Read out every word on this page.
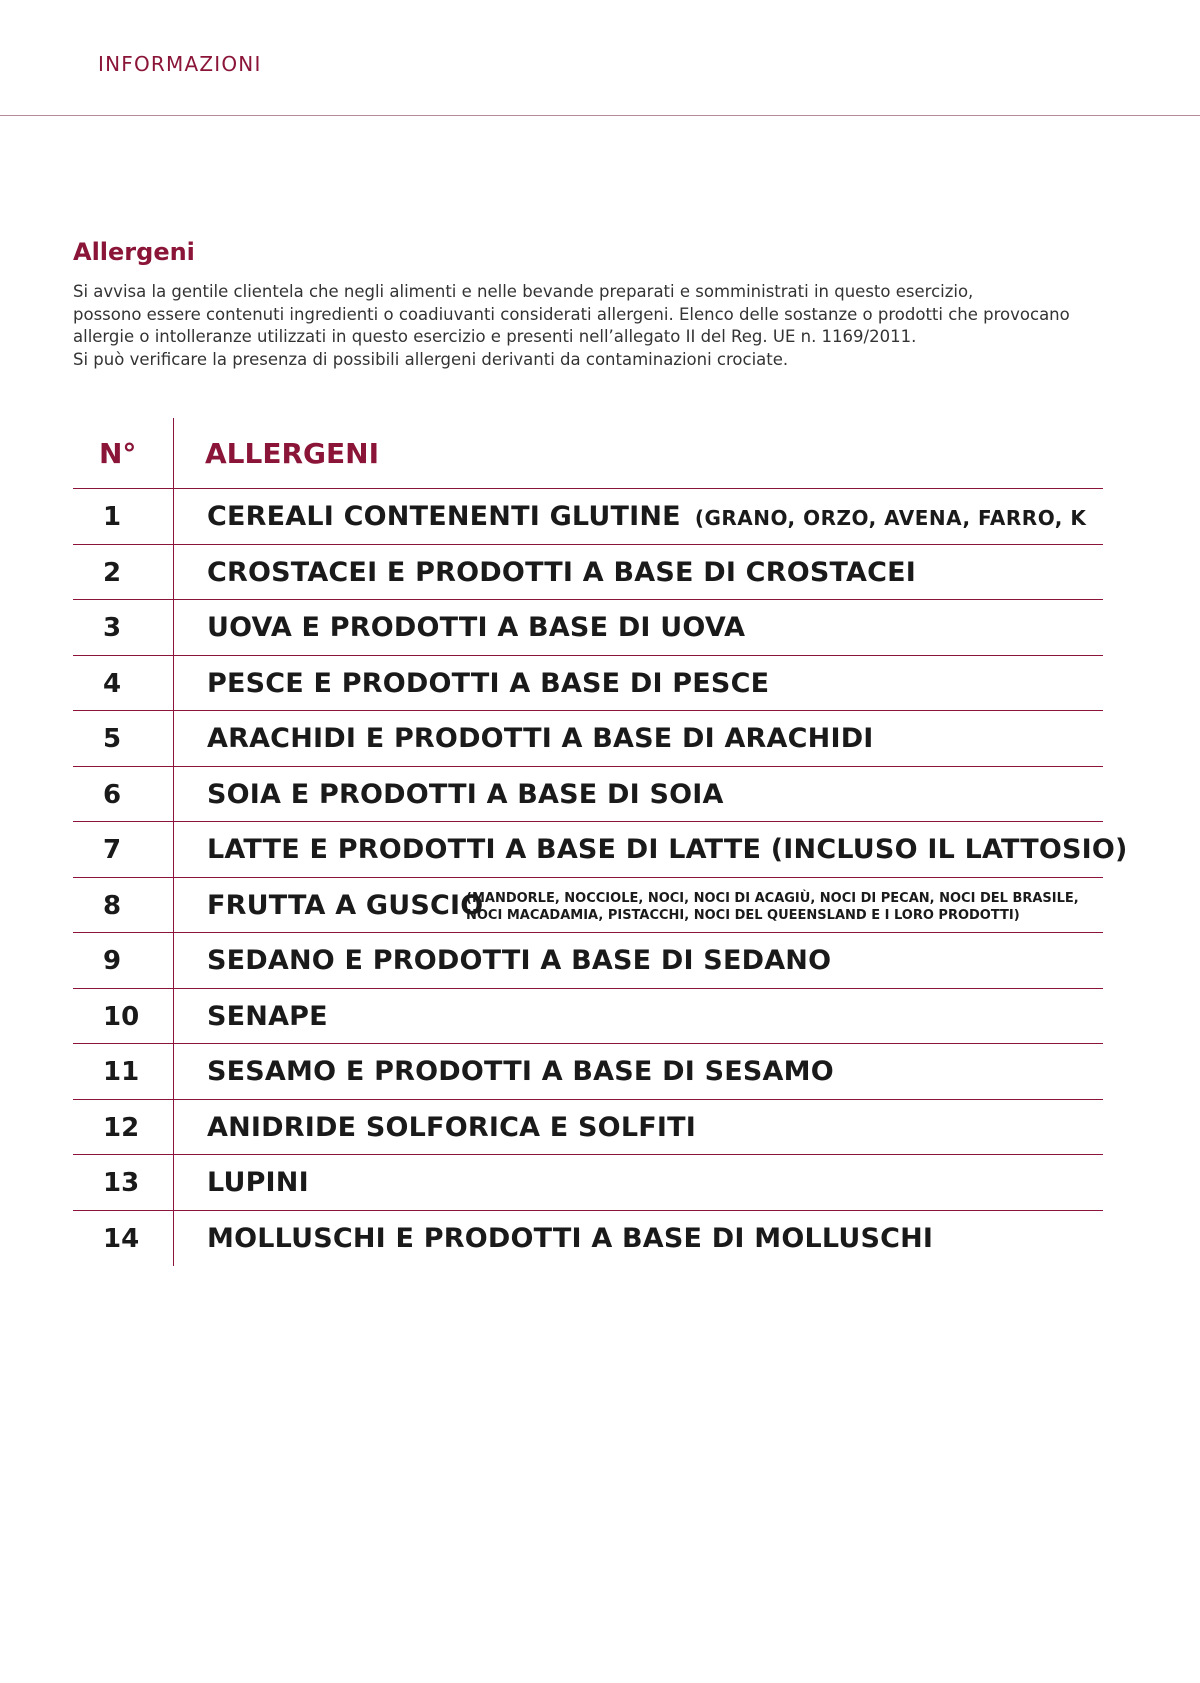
INFORMAZIONI
Allergeni
Si avvisa la gentile clientela che negli alimenti e nelle bevande preparati e somministrati in questo esercizio,
possono essere contenuti ingredienti o coadiuvanti considerati allergeni. Elenco delle sostanze o prodotti che provocano
allergie o intolleranze utilizzati in questo esercizio e presenti nell’allegato II del Reg. UE n. 1169/2011.
Si può verificare la presenza di possibili allergeni derivanti da contaminazioni crociate.
N° ALLERGENI
1	CEREALI CONTENENTI GLUTINE (GRANO, ORZO, AVENA, FARRO, K
2	CROSTACEI E PRODOTTI A BASE DI CROSTACEI
3	UOVA E PRODOTTI A BASE DI UOVA
4	PESCE E PRODOTTI A BASE DI PESCE
5	ARACHIDI E PRODOTTI A BASE DI ARACHIDI
6	SOIA E PRODOTTI A BASE DI SOIA
7	LATTE E PRODOTTI A BASE DI LATTE (INCLUSO IL LATTOSIO)
8	FRUTTA A GUSCIO
(MANDORLE, NOCCIOLE, NOCI, NOCI DI ACAGIÙ, NOCI DI PECAN, NOCI DEL BRASILE,
NOCI MACADAMIA, PISTACCHI, NOCI DEL QUEENSLAND E I LORO PRODOTTI)
9	SEDANO E PRODOTTI A BASE DI SEDANO
10	SENAPE
11	SESAMO E PRODOTTI A BASE DI SESAMO
12	ANIDRIDE SOLFORICA E SOLFITI
13	LUPINI
14	MOLLUSCHI E PRODOTTI A BASE DI MOLLUSCHI
